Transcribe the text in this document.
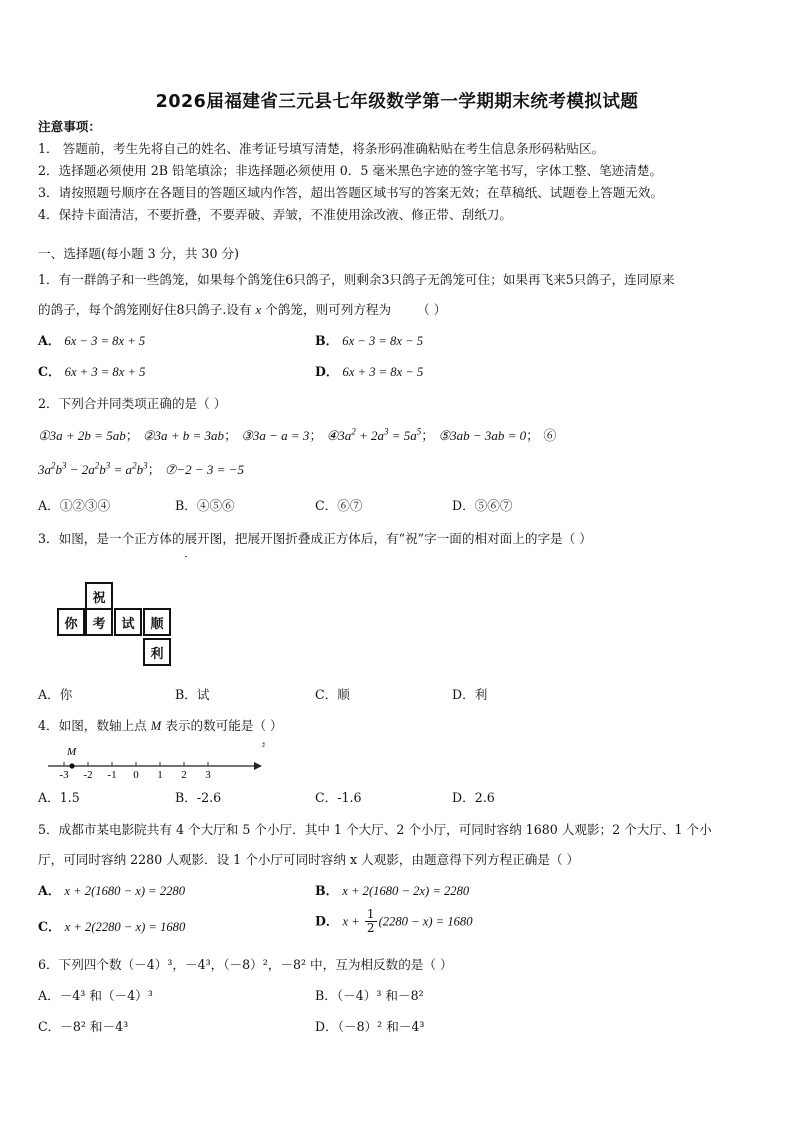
2026届福建省三元县七年级数学第一学期期末统考模拟试题
注意事项：
1． 答题前，考生先将自己的姓名、准考证号填写清楚，将条形码准确粘贴在考生信息条形码粘贴区。
2．选择题必须使用 2B 铅笔填涂；非选择题必须使用 0．5 毫米黑色字迹的签字笔书写，字体工整、笔迹清楚。
3．请按照题号顺序在各题目的答题区域内作答，超出答题区域书写的答案无效；在草稿纸、试题卷上答题无效。
4．保持卡面清洁，不要折叠，不要弄破、弄皱，不准使用涂改液、修正带、刮纸刀。
一、选择题(每小题 3 分，共 30 分)
1．有一群鸽子和一些鸽笼，如果每个鸽笼住6只鸽子，则剩余3只鸽子无鸽笼可住；如果再飞来5只鸽子，连同原来
的鸽子，每个鸽笼刚好住8只鸽子.设有 x 个鸽笼，则可列方程为 （ ）
A． 6x − 3 = 8x + 5	B． 6x − 3 = 8x − 5
C． 6x + 3 = 8x + 5	D． 6x + 3 = 8x − 5
2．下列合并同类项正确的是（ ）
①3a + 2b = 5ab； ②3a + b = 3ab； ③3a − a = 3； $④3a^2 + 2a^3 = 5a^5$； ⑤3ab − 3ab = 0； ⑥
$3a^2b^3 - 2a^2b^3 = a^2b^3$； ⑦−2 − 3 = −5
A．①②③④	B．④⑤⑥	C．⑥⑦	D．⑤⑥⑦
3．如图，是一个正方体的展开图，把展开图折叠成正方体后，有“祝”字一面的相对面上的字是（ ）
祝
你	考	试	顺
利
A．你	B．试	C．顺	D．利
4．如图，数轴上点 M 表示的数可能是（ ）
ž
-3 -2 -1 0 1 2 3
M
A．1.5	B．-2.6	C．-1.6	D．2.6
5．成都市某电影院共有 4 个大厅和 5 个小厅．其中 1 个大厅、2 个小厅，可同时容纳 1680 人观影；2 个大厅、1 个小
厅，可同时容纳 2280 人观影．设 1 个小厅可同时容纳 x 人观影，由题意得下列方程正确是（ ）
A． x + 2(1680 − x) = 2280	B． x + 2(1680 − 2x) = 2280
C． x + 2(2280 − x) = 1680	D． $x + \frac{1}{2} (2280 - x) = 1680$
6．下列四个数（－4）³，－4³，（－8）²，－8² 中，互为相反数的是（ ）
A．－4³ 和（－4）³	B．（－4）³ 和－8²
C．－8² 和－4³	D．（－8）² 和－4³
